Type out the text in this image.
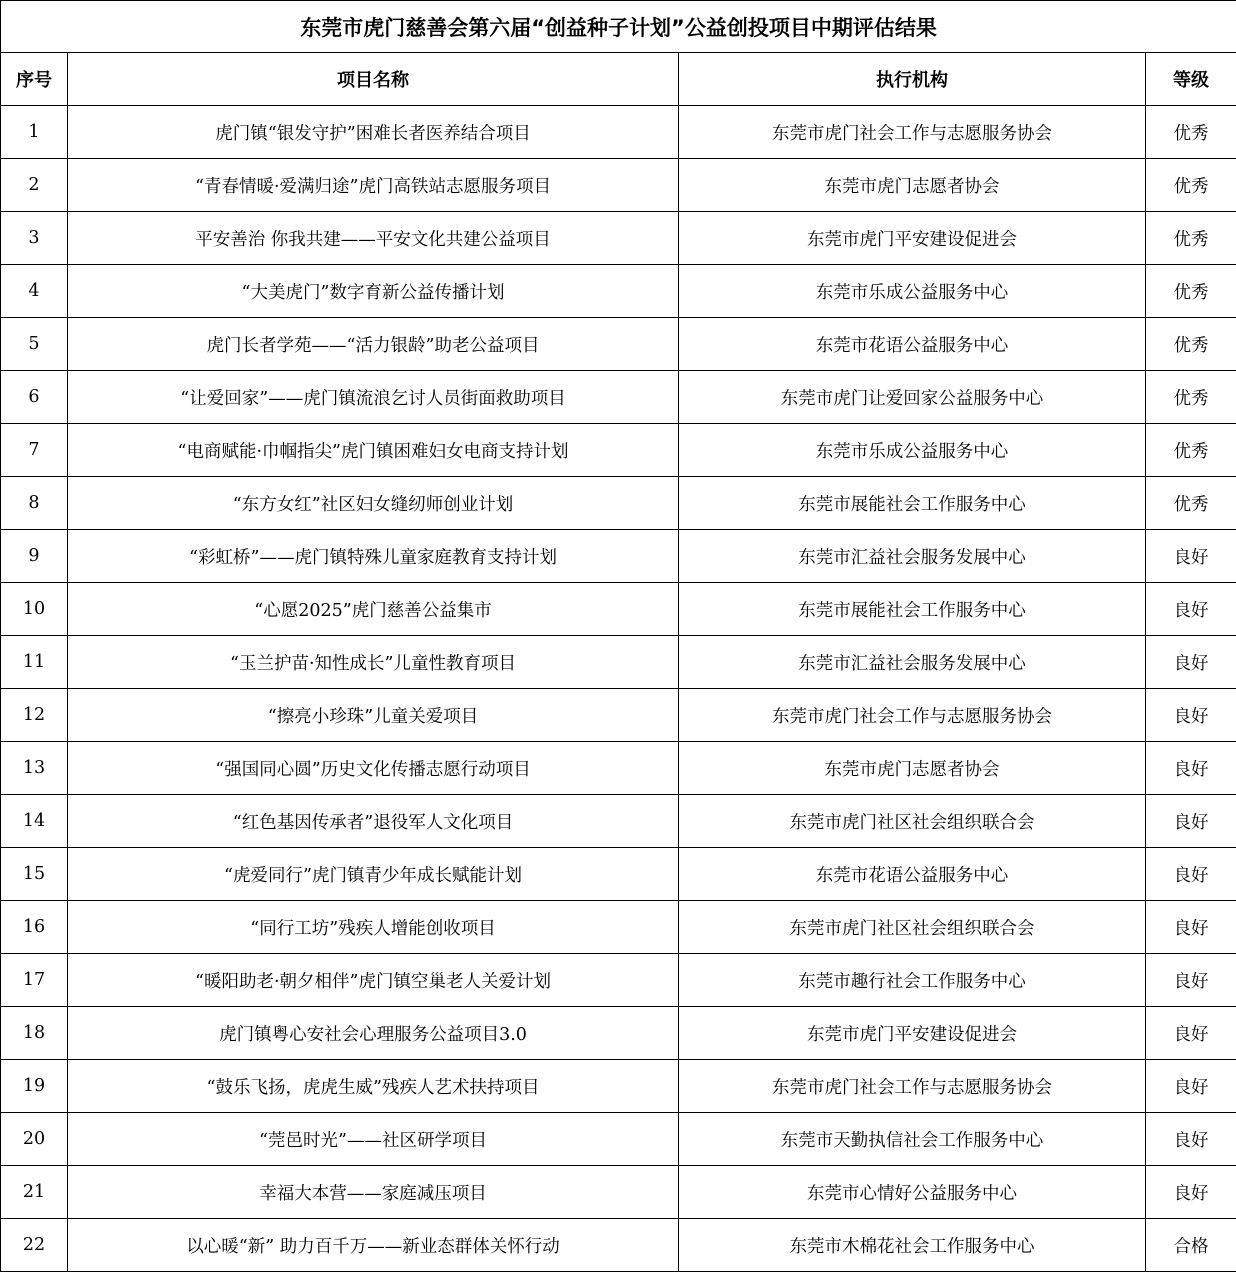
东莞市虎门慈善会第六届“创益种子计划”公益创投项目中期评估结果			
序号	项目名称	执行机构	等级
1	虎门镇“银发守护”困难长者医养结合项目	东莞市虎门社会工作与志愿服务协会	优秀
2	“青春情暖·爱满归途”虎门高铁站志愿服务项目	东莞市虎门志愿者协会	优秀
3	平安善治 你我共建——平安文化共建公益项目	东莞市虎门平安建设促进会	优秀
4	“大美虎门”数字育新公益传播计划	东莞市乐成公益服务中心	优秀
5	虎门长者学苑——“活力银龄”助老公益项目	东莞市花语公益服务中心	优秀
6	“让爱回家”——虎门镇流浪乞讨人员街面救助项目	东莞市虎门让爱回家公益服务中心	优秀
7	“电商赋能·巾帼指尖”虎门镇困难妇女电商支持计划	东莞市乐成公益服务中心	优秀
8	“东方女红”社区妇女缝纫师创业计划	东莞市展能社会工作服务中心	优秀
9	“彩虹桥”——虎门镇特殊儿童家庭教育支持计划	东莞市汇益社会服务发展中心	良好
10	“心愿2025”虎门慈善公益集市	东莞市展能社会工作服务中心	良好
11	“玉兰护苗·知性成长”儿童性教育项目	东莞市汇益社会服务发展中心	良好
12	“擦亮小珍珠”儿童关爱项目	东莞市虎门社会工作与志愿服务协会	良好
13	“强国同心圆”历史文化传播志愿行动项目	东莞市虎门志愿者协会	良好
14	“红色基因传承者”退役军人文化项目	东莞市虎门社区社会组织联合会	良好
15	“虎爱同行”虎门镇青少年成长赋能计划	东莞市花语公益服务中心	良好
16	“同行工坊”残疾人增能创收项目	东莞市虎门社区社会组织联合会	良好
17	“暖阳助老·朝夕相伴”虎门镇空巢老人关爱计划	东莞市趣行社会工作服务中心	良好
18	虎门镇粤心安社会心理服务公益项目3.0	东莞市虎门平安建设促进会	良好
19	“鼓乐飞扬，虎虎生威”残疾人艺术扶持项目	东莞市虎门社会工作与志愿服务协会	良好
20	“莞邑时光”——社区研学项目	东莞市天勤执信社会工作服务中心	良好
21	幸福大本营——家庭减压项目	东莞市心情好公益服务中心	良好
22	以心暖“新” 助力百千万——新业态群体关怀行动	东莞市木棉花社会工作服务中心	合格
